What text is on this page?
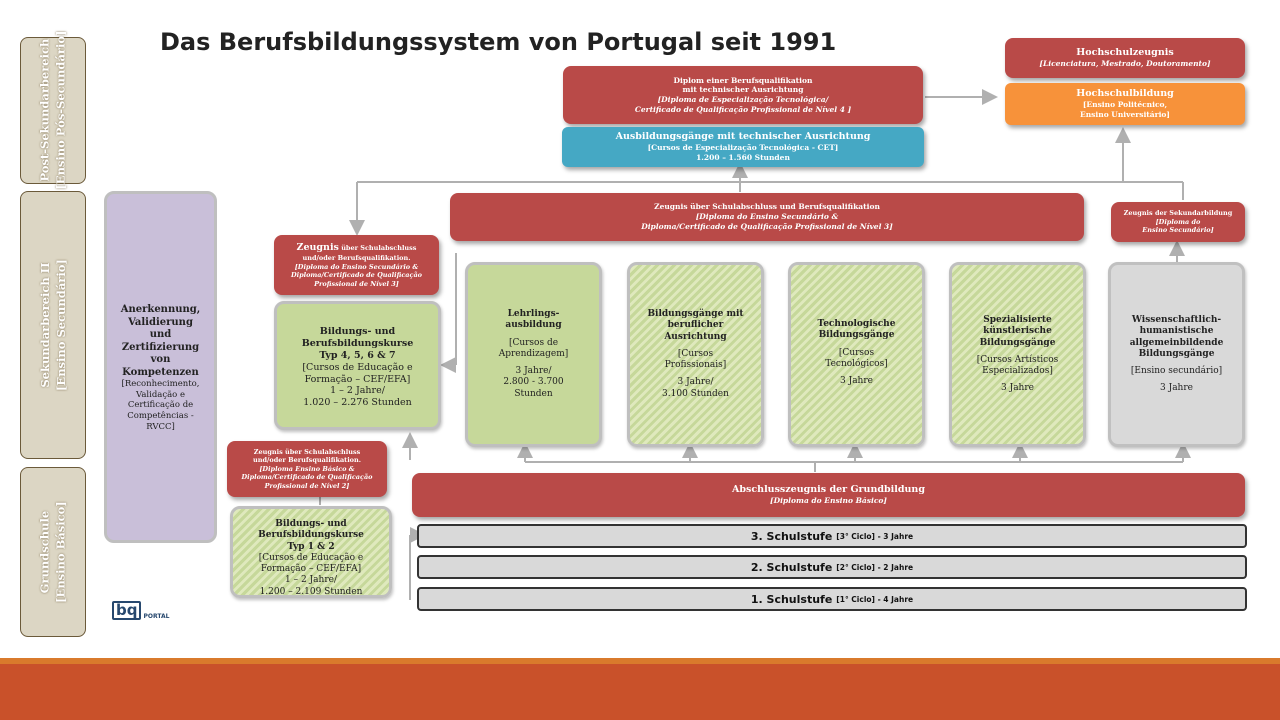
Das Berufsbildungssystem von Portugal seit 1991
Post-Sekundarbereich [Ensino Pós-Secundário]
Sekundarbereich II [Ensino Secundário]
Grundschule [Ensino Básico]
Diplom einer Berufsqualifikation
mit technischer Ausrichtung
[Diploma de Especialização Tecnológica/
Certificado de Qualificação Profissional de Nível 4 ]
Ausbildungsgänge mit technischer Ausrichtung
[Cursos de Especialização Tecnológica - CET]
1.200 – 1.560 Stunden
Hochschulzeugnis
[Licenciatura, Mestrado, Doutoramento]
Hochschulbildung
[Ensino Politécnico,
Ensino Universitário]
Zeugnis über Schulabschluss und Berufsqualifikation
[Diploma do Ensino Secundário &
Diploma/Certificado de Qualificação Profissional de Nível 3]
Zeugnis der Sekundarbildung
[Diploma do
Ensino Secundário]
Zeugnis über Schulabschluss
und/oder Berufsqualifikation.
[Diploma do Ensino Secundário &
Diploma/Certificado de Qualificação
Profissional de Nível 3]
Anerkennung,
Validierung
und
Zertifizierung
von
Kompetenzen
[Reconhecimento,
Validação e
Certificação de
Competências -
RVCC]
Bildungs- und
Berufsbildungskurse
Typ 4, 5, 6 & 7
[Cursos de Educação e
Formação – CEF/EFA]
1 – 2 Jahre/
1.020 – 2.276 Stunden
Lehrlings-
ausbildung
[Cursos de
Aprendizagem]
3 Jahre/
2.800 - 3.700
Stunden
Bildungsgänge mit
beruflicher
Ausrichtung
[Cursos
Profissionais]
3 Jahre/
3.100 Stunden
Technologische
Bildungsgänge
[Cursos
Tecnológicos]
3 Jahre
Spezialisierte
künstlerische
Bildungsgänge
[Cursos Artísticos
Especializados]
3 Jahre
Wissenschaftlich-
humanistische
allgemeinbildende
Bildungsgänge
[Ensino secundário]
3 Jahre
Zeugnis über Schulabschluss
und/oder Berufsqualifikation.
[Diploma Ensino Básico &
Diploma/Certificado de Qualificação
Profissional de Nível 2]
Bildungs- und
Berufsbildungskurse
Typ 1 & 2
[Cursos de Educação e
Formação – CEF/EFA]
1 – 2 Jahre/
1.200 – 2.109 Stunden
Abschlusszeugnis der Grundbildung
[Diploma do Ensino Básico]
3. Schulstufe [3° Ciclo] - 3 Jahre
2. Schulstufe [2° Ciclo] - 2 Jahre
1. Schulstufe [1° Ciclo] - 4 Jahre
bq	PORTAL
